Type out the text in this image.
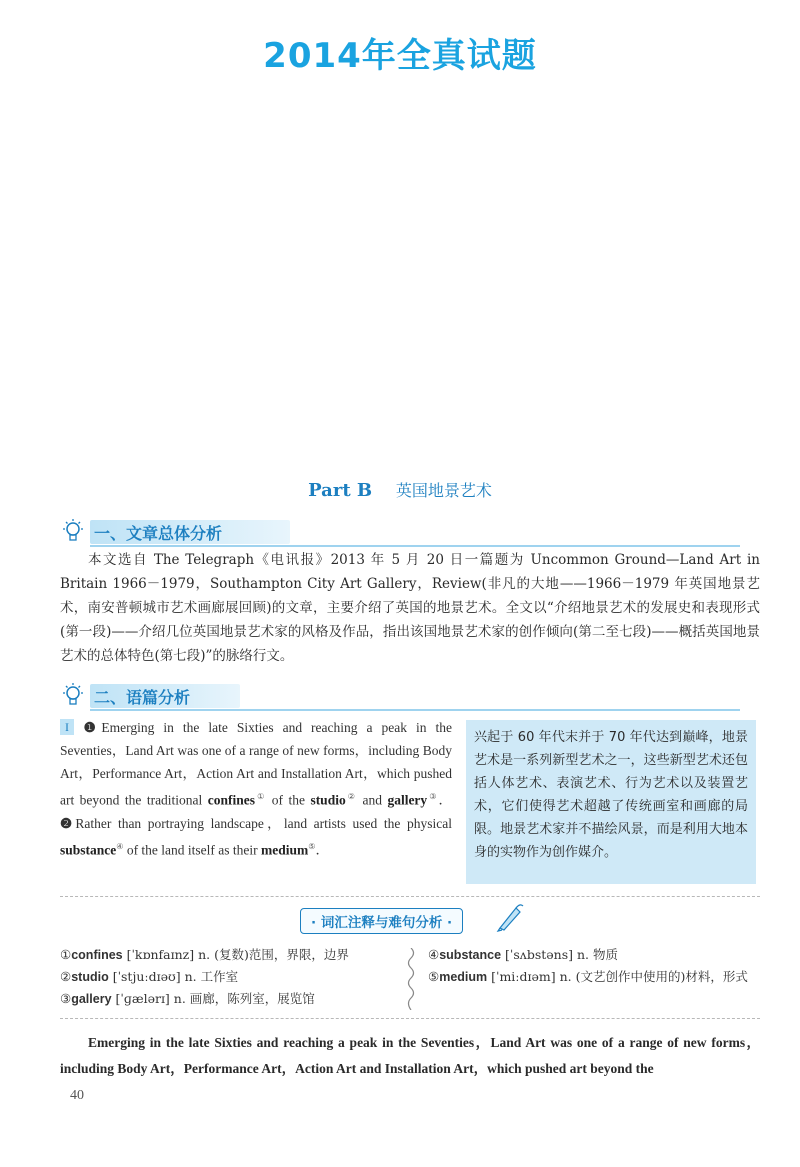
2014年全真试题
Part B 英国地景艺术
一、文章总体分析
本文选自 The Telegraph《电讯报》2013 年 5 月 20 日一篇题为 Uncommon Ground—Land Art in Britain 1966－1979，Southampton City Art Gallery，Review(非凡的大地——1966－1979 年英国地景艺术，南安普顿城市艺术画廊展回顾)的文章，主要介绍了英国的地景艺术。全文以“介绍地景艺术的发展史和表现形式(第一段)——介绍几位英国地景艺术家的风格及作品，指出该国地景艺术家的创作倾向(第二至七段)——概括英国地景艺术的总体特色(第七段)”的脉络行文。
二、语篇分析
I ❶Emerging in the late Sixties and reaching a peak in the Seventies，Land Art was one of a range of new forms，including Body Art，Performance Art，Action Art and Installation Art，which pushed art beyond the traditional confines① of the studio② and gallery③． ❷Rather than portraying landscape，land artists used the physical substance④ of the land itself as their medium⑤．
兴起于 60 年代末并于 70 年代达到巅峰，地景艺术是一系列新型艺术之一，这些新型艺术还包括人体艺术、表演艺术、行为艺术以及装置艺术，它们使得艺术超越了传统画室和画廊的局限。地景艺术家并不描绘风景，而是利用大地本身的实物作为创作媒介。
· 词汇注释与难句分析 ·
①confines [ˈkɒnfaɪnz] n. (复数)范围，界限，边界
②studio [ˈstjuːdɪəʊ] n. 工作室
③gallery [ˈɡælərɪ] n. 画廊，陈列室，展览馆
④substance [ˈsʌbstəns] n. 物质
⑤medium [ˈmiːdɪəm] n. (文艺创作中使用的)材料，形式
Emerging in the late Sixties and reaching a peak in the Seventies，Land Art was one of a range of new forms，including Body Art，Performance Art，Action Art and Installation Art，which pushed art beyond the
40
